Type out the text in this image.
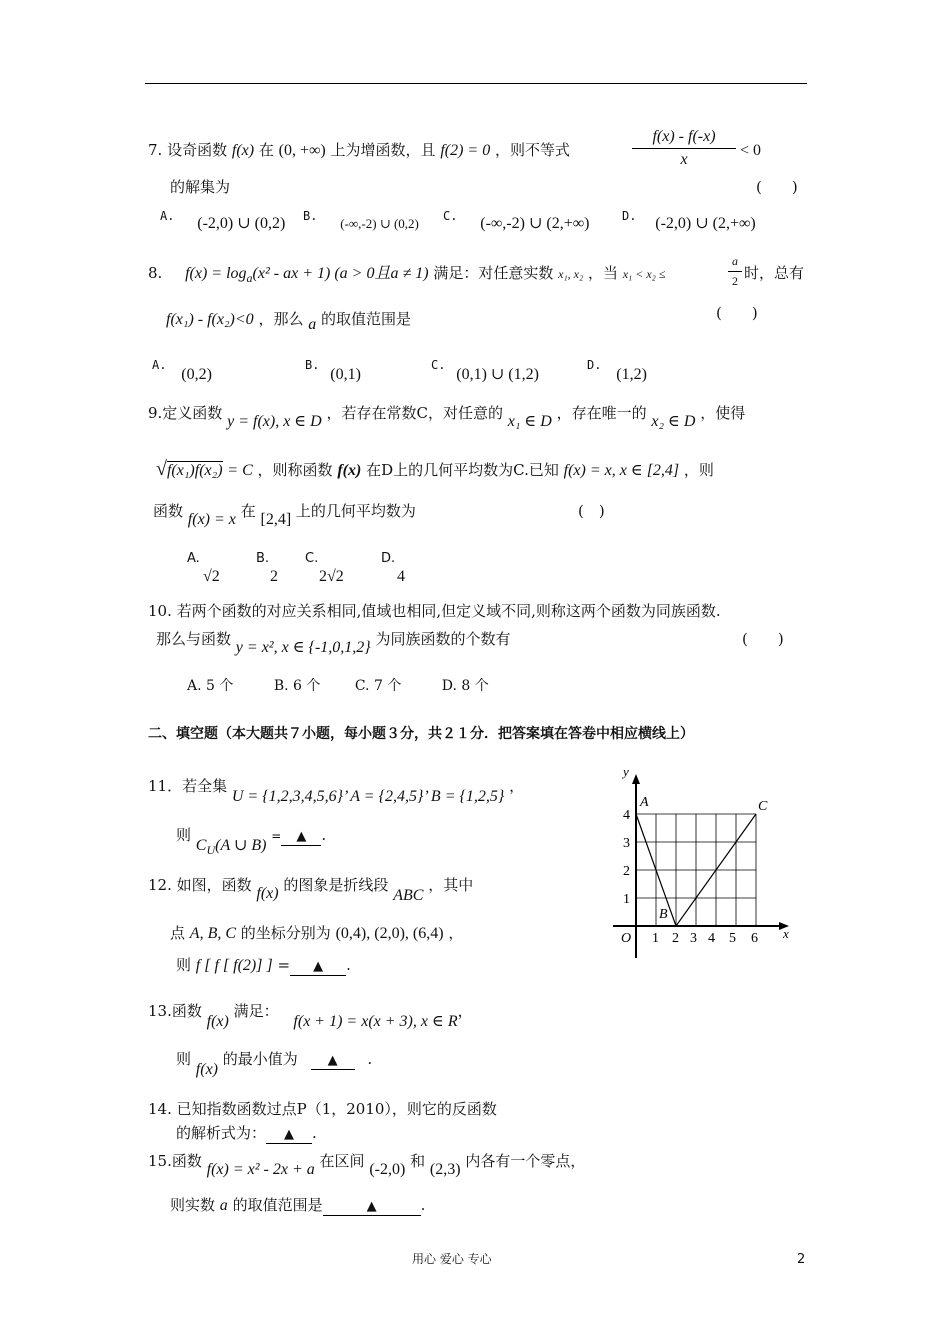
7. 设奇函数 f(x) 在 (0, +∞) 上为增函数，且 f(2) = 0 ，则不等式
f(x) - f(-x)
x
< 0
的解集为	(　　)
A. (-2,0) ∪ (0,2) B. (-∞,-2) ∪ (0,2) C. (-∞,-2) ∪ (2,+∞)	D. (-2,0) ∪ (2,+∞)
8. $f(x) = \log_a(x^2$ - ax + 1) (a > 0且a ≠ 1) 满足：对任意实数 x₁, x₂ ，当 x₁ < x₂ ≤
a
2 时，总有
f(x₁) - f(x₂)<0 ，那么 a 的取值范围是	(　　)
A. (0,2)
B. (0,1)
C. (0,1) ∪ (1,2)
D. (1,2)
9.定义函数 y = f(x), x ∈ D ，若存在常数C，对任意的 x₁ ∈ D ，存在唯一的 x₂ ∈ D ，使得
√f(x₁)f(x₂) = C ，则称函数 f(x) 在D上的几何平均数为C.已知 f(x) = x, x ∈ [2,4] ，则
函数 f(x) = x 在 [2,4] 上的几何平均数为	(　)
A.
√2
B.
2
C.
2√2
D.
4
10. 若两个函数的对应关系相同,值域也相同,但定义域不同,则称这两个函数为同族函数.
那么与函数 y = x², x ∈ {-1,0,1,2} 为同族函数的个数有	(　　)
A. 5 个	B. 6 个 C. 7 个	D. 8 个
二、填空题（本大题共７小题，每小题３分，共２１分．把答案填在答卷中相应横线上）
11．若全集 U = {1,2,3,4,5,6}’ A = {2,4,5}’ B = {1,2,5} ，
则 $C_U(A$ ∪ B) = ▲ .
12. 如图，函数 f(x) 的图象是折线段 ABC ，其中
点 A, B, C 的坐标分别为 (0,4), (2,0), (6,4) ，
则 f [ f [ f(2)] ] = ▲ .
y
x
O 1 2 3 4 5 6
1
2
3
4
A
B
C
13.函数 f(x) 满足： f(x + 1) = x(x + 3), x ∈ R，
则 f(x) 的最小值为 ▲ .
14. 已知指数函数过点P（1，2010），则它的反函数
的解析式为： ▲ .
15.函数 f(x) = x² - 2x + a 在区间 (-2,0) 和 (2,3) 内各有一个零点，
则实数 a 的取值范围是	▲	.
用心 爱心 专心	2
